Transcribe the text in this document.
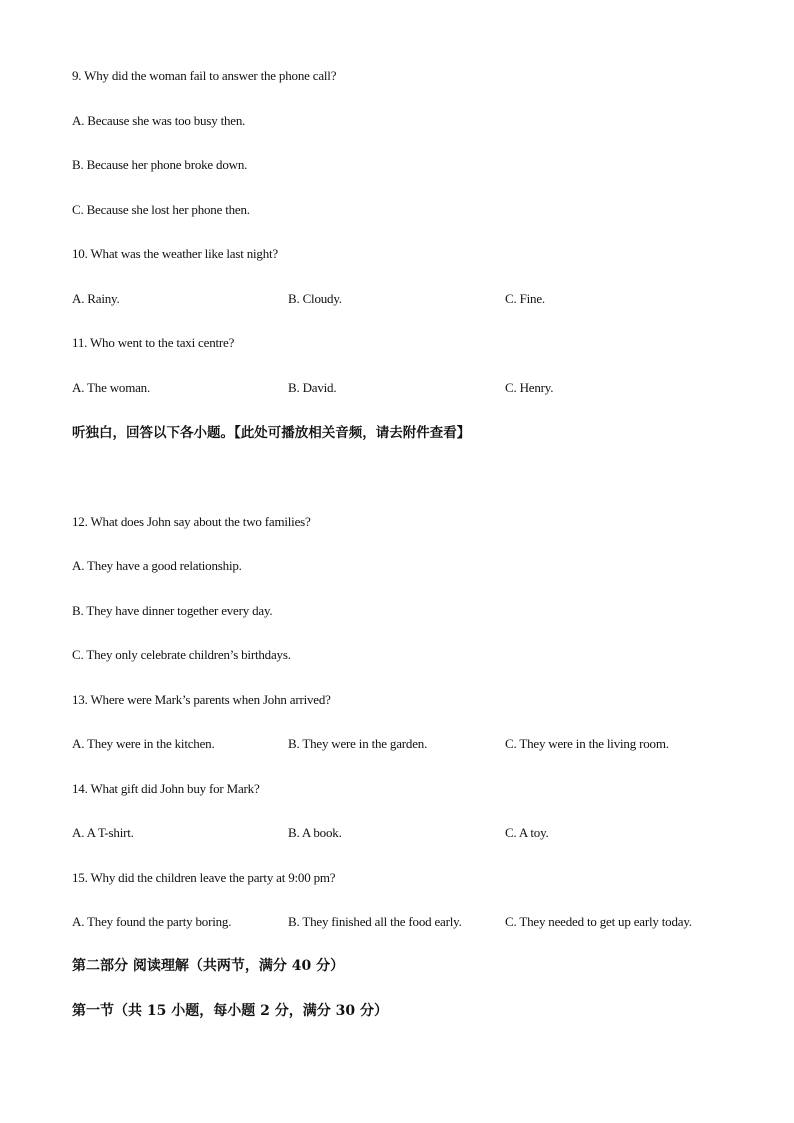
9. Why did the woman fail to answer the phone call?
A. Because she was too busy then.
B. Because her phone broke down.
C. Because she lost her phone then.
10. What was the weather like last night?
A. Rainy.	B. Cloudy.	C. Fine.
11. Who went to the taxi centre?
A. The woman.	B. David.	C. Henry.
听独白，回答以下各小题。【此处可播放相关音频，请去附件查看】
12. What does John say about the two families?
A. They have a good relationship.
B. They have dinner together every day.
C. They only celebrate children’s birthdays.
13. Where were Mark’s parents when John arrived?
A. They were in the kitchen.	B. They were in the garden.	C. They were in the living room.
14. What gift did John buy for Mark?
A. A T-shirt.	B. A book.	C. A toy.
15. Why did the children leave the party at 9:00 pm?
A. They found the party boring.	B. They finished all the food early.	C. They needed to get up early today.
第二部分 阅读理解（共两节，满分 40 分）
第一节（共 15 小题，每小题 2 分，满分 30 分）
